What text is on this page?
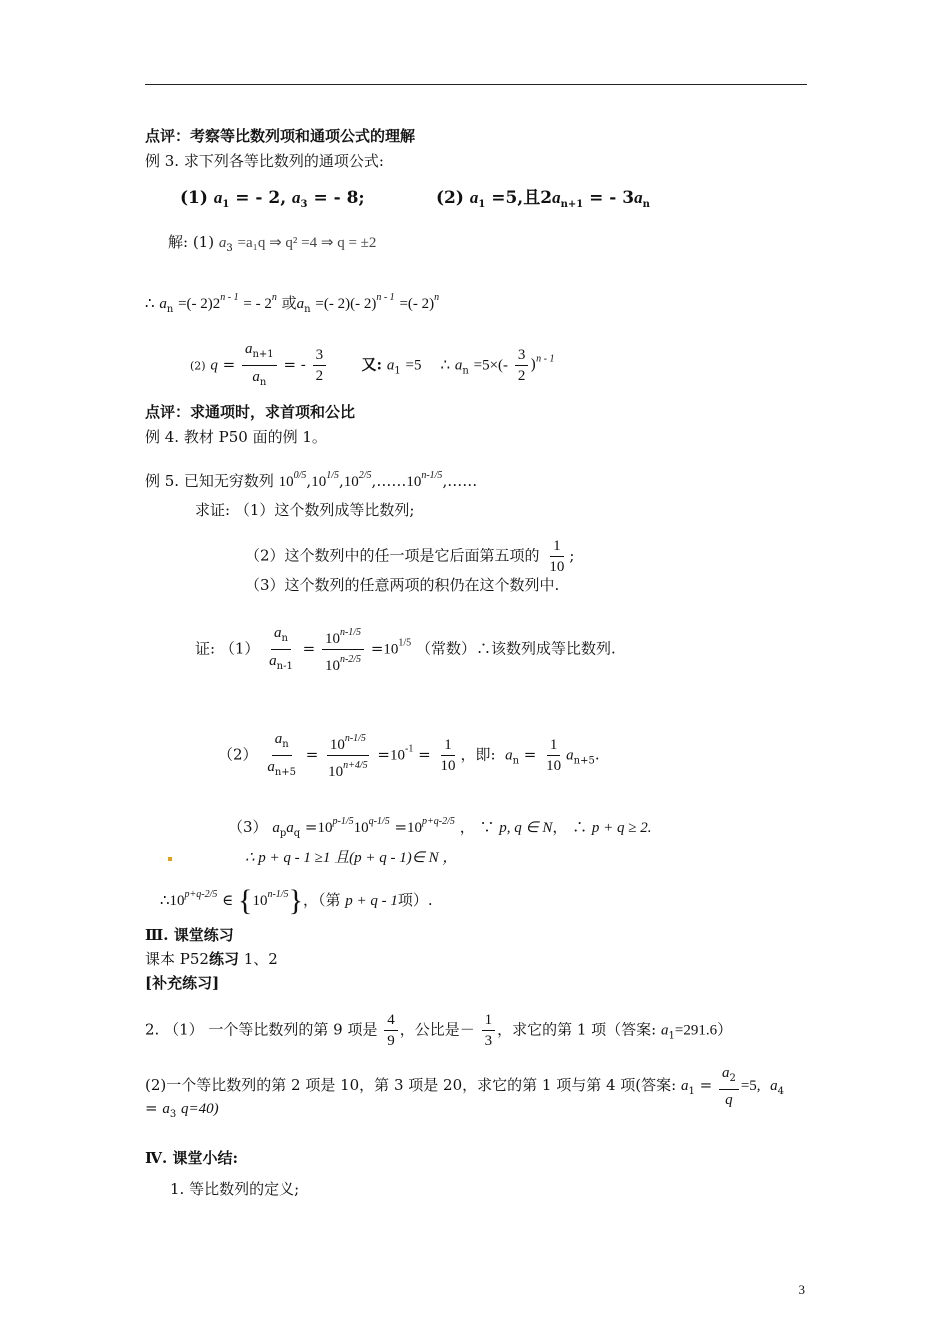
点评：考察等比数列项和通项公式的理解
例 3. 求下列各等比数列的通项公式:
(1) $a_1$ = - 2, $a_3$ = - 8;	(2) $a_1 =5$,且$2a_{n+1}$ = - $3a_n$
解: (1) $a_3 =a_1q$ ⇒ q² =4 ⇒ q = ±2
∴ $a_n$ =(- $2)2^{n - 1}$ = - 2$^n$ 或$a_n$ =(- 2)(- 2)$^{n - 1}$ =(- 2)$^n$
(2) $q = \frac{a_{n+1}}{a_n}$ = - $\frac{3}{2}$ 又: $a_1 =5$ ∴ $a_n =5\times(- \frac{3}{2} )^{n - 1}$
点评：求通项时，求首项和公比
例 4. 教材 P50 面的例 1。
例 5. 已知无穷数列 $10^{0/5},10^{1/5},10^{2/5},\dots\dots 10^{n-1/5},\dots\dots$
求证: （1）这个数列成等比数列;
（2）这个数列中的任一项是它后面第五项的 $\frac{1}{10}$ ;
（3）这个数列的任意两项的积仍在这个数列中.
证: $(1) \frac{a_n}{a_{n-1}} = \frac{10^{n-1/5}}{10^{n-2/5}} =10^{1/5}$ （常数）∴该数列成等比数列.
$(2) \frac{a_n}{a_{n+5}} = \frac{10^{n-1/5}}{10^{n+4/5}} =10^{-1} = \frac{1}{10}$ ，即: $a_n = \frac{1}{10} a_{n+5}$.
（3） $a_pa_q =10^{p-1/5}10^{q-1/5} =10^{p+q-2/5}$ ， ∵ p, q ∈ N， ∴ p + q ≥ 2.
∴ p + q - 1 ≥1 且(p + q - 1)∈ N ，
$\therefore 10^{p+q-2/5}$ ∈ $\{10^{n-1/5}\}$，（第 p + q - 1项）.
Ⅲ. 课堂练习
课本 P52练习 1、2
[补充练习]
2. （1） 一个等比数列的第 9 项是 $\frac{4}{9}$ ，公比是－ $\frac{1}{3}$ ，求它的第 1 项（答案: $a_1=291.6$）
(2)一个等比数列的第 2 项是 10，第 3 项是 20，求它的第 1 项与第 4 项(答案: $a_1 = \frac{a_2}{q} =5$, $a_4$
= $a_3$ q=40)
Ⅳ. 课堂小结:
1. 等比数列的定义;
3
